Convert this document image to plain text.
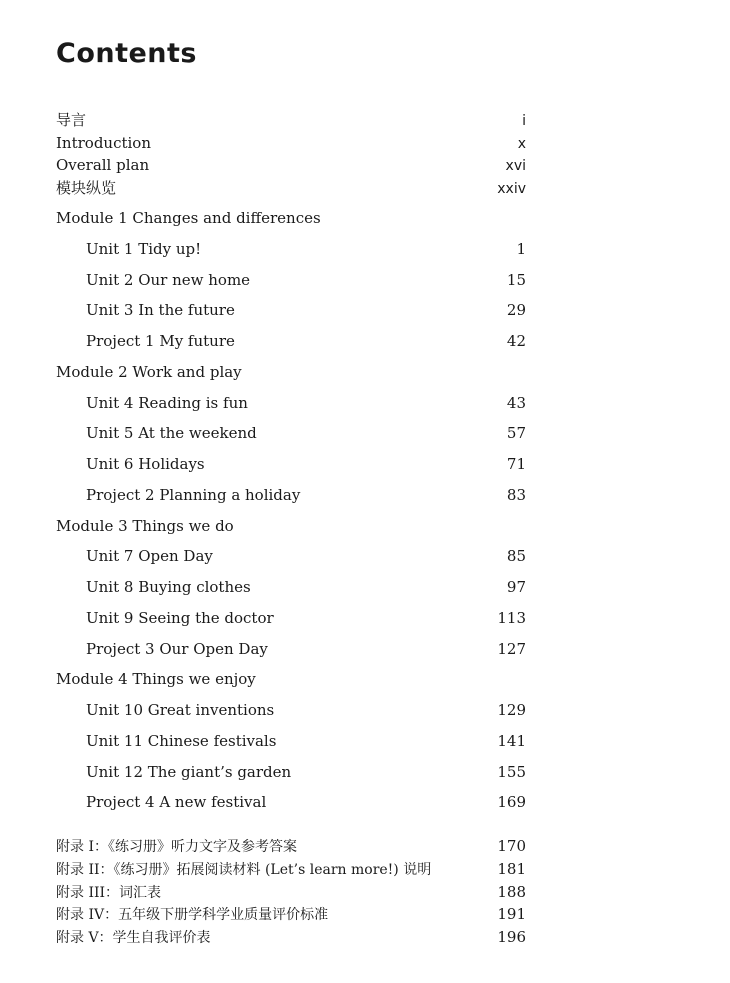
Contents
导言	i
Introduction	x
Overall plan	xvi
模块纵览	xxiv
Module 1 Changes and differences
Unit 1 Tidy up!	1
Unit 2 Our new home	15
Unit 3 In the future	29
Project 1 My future	42
Module 2 Work and play
Unit 4 Reading is fun	43
Unit 5 At the weekend	57
Unit 6 Holidays	71
Project 2 Planning a holiday	83
Module 3 Things we do
Unit 7 Open Day	85
Unit 8 Buying clothes	97
Unit 9 Seeing the doctor	113
Project 3 Our Open Day	127
Module 4 Things we enjoy
Unit 10 Great inventions	129
Unit 11 Chinese festivals	141
Unit 12 The giant’s garden	155
Project 4 A new festival	169
附录 I：《练习册》听力文字及参考答案	170
附录 II：《练习册》拓展阅读材料 (Let’s learn more!) 说明	181
附录 III：词汇表	188
附录 IV：五年级下册学科学业质量评价标准	191
附录 V：学生自我评价表	196
